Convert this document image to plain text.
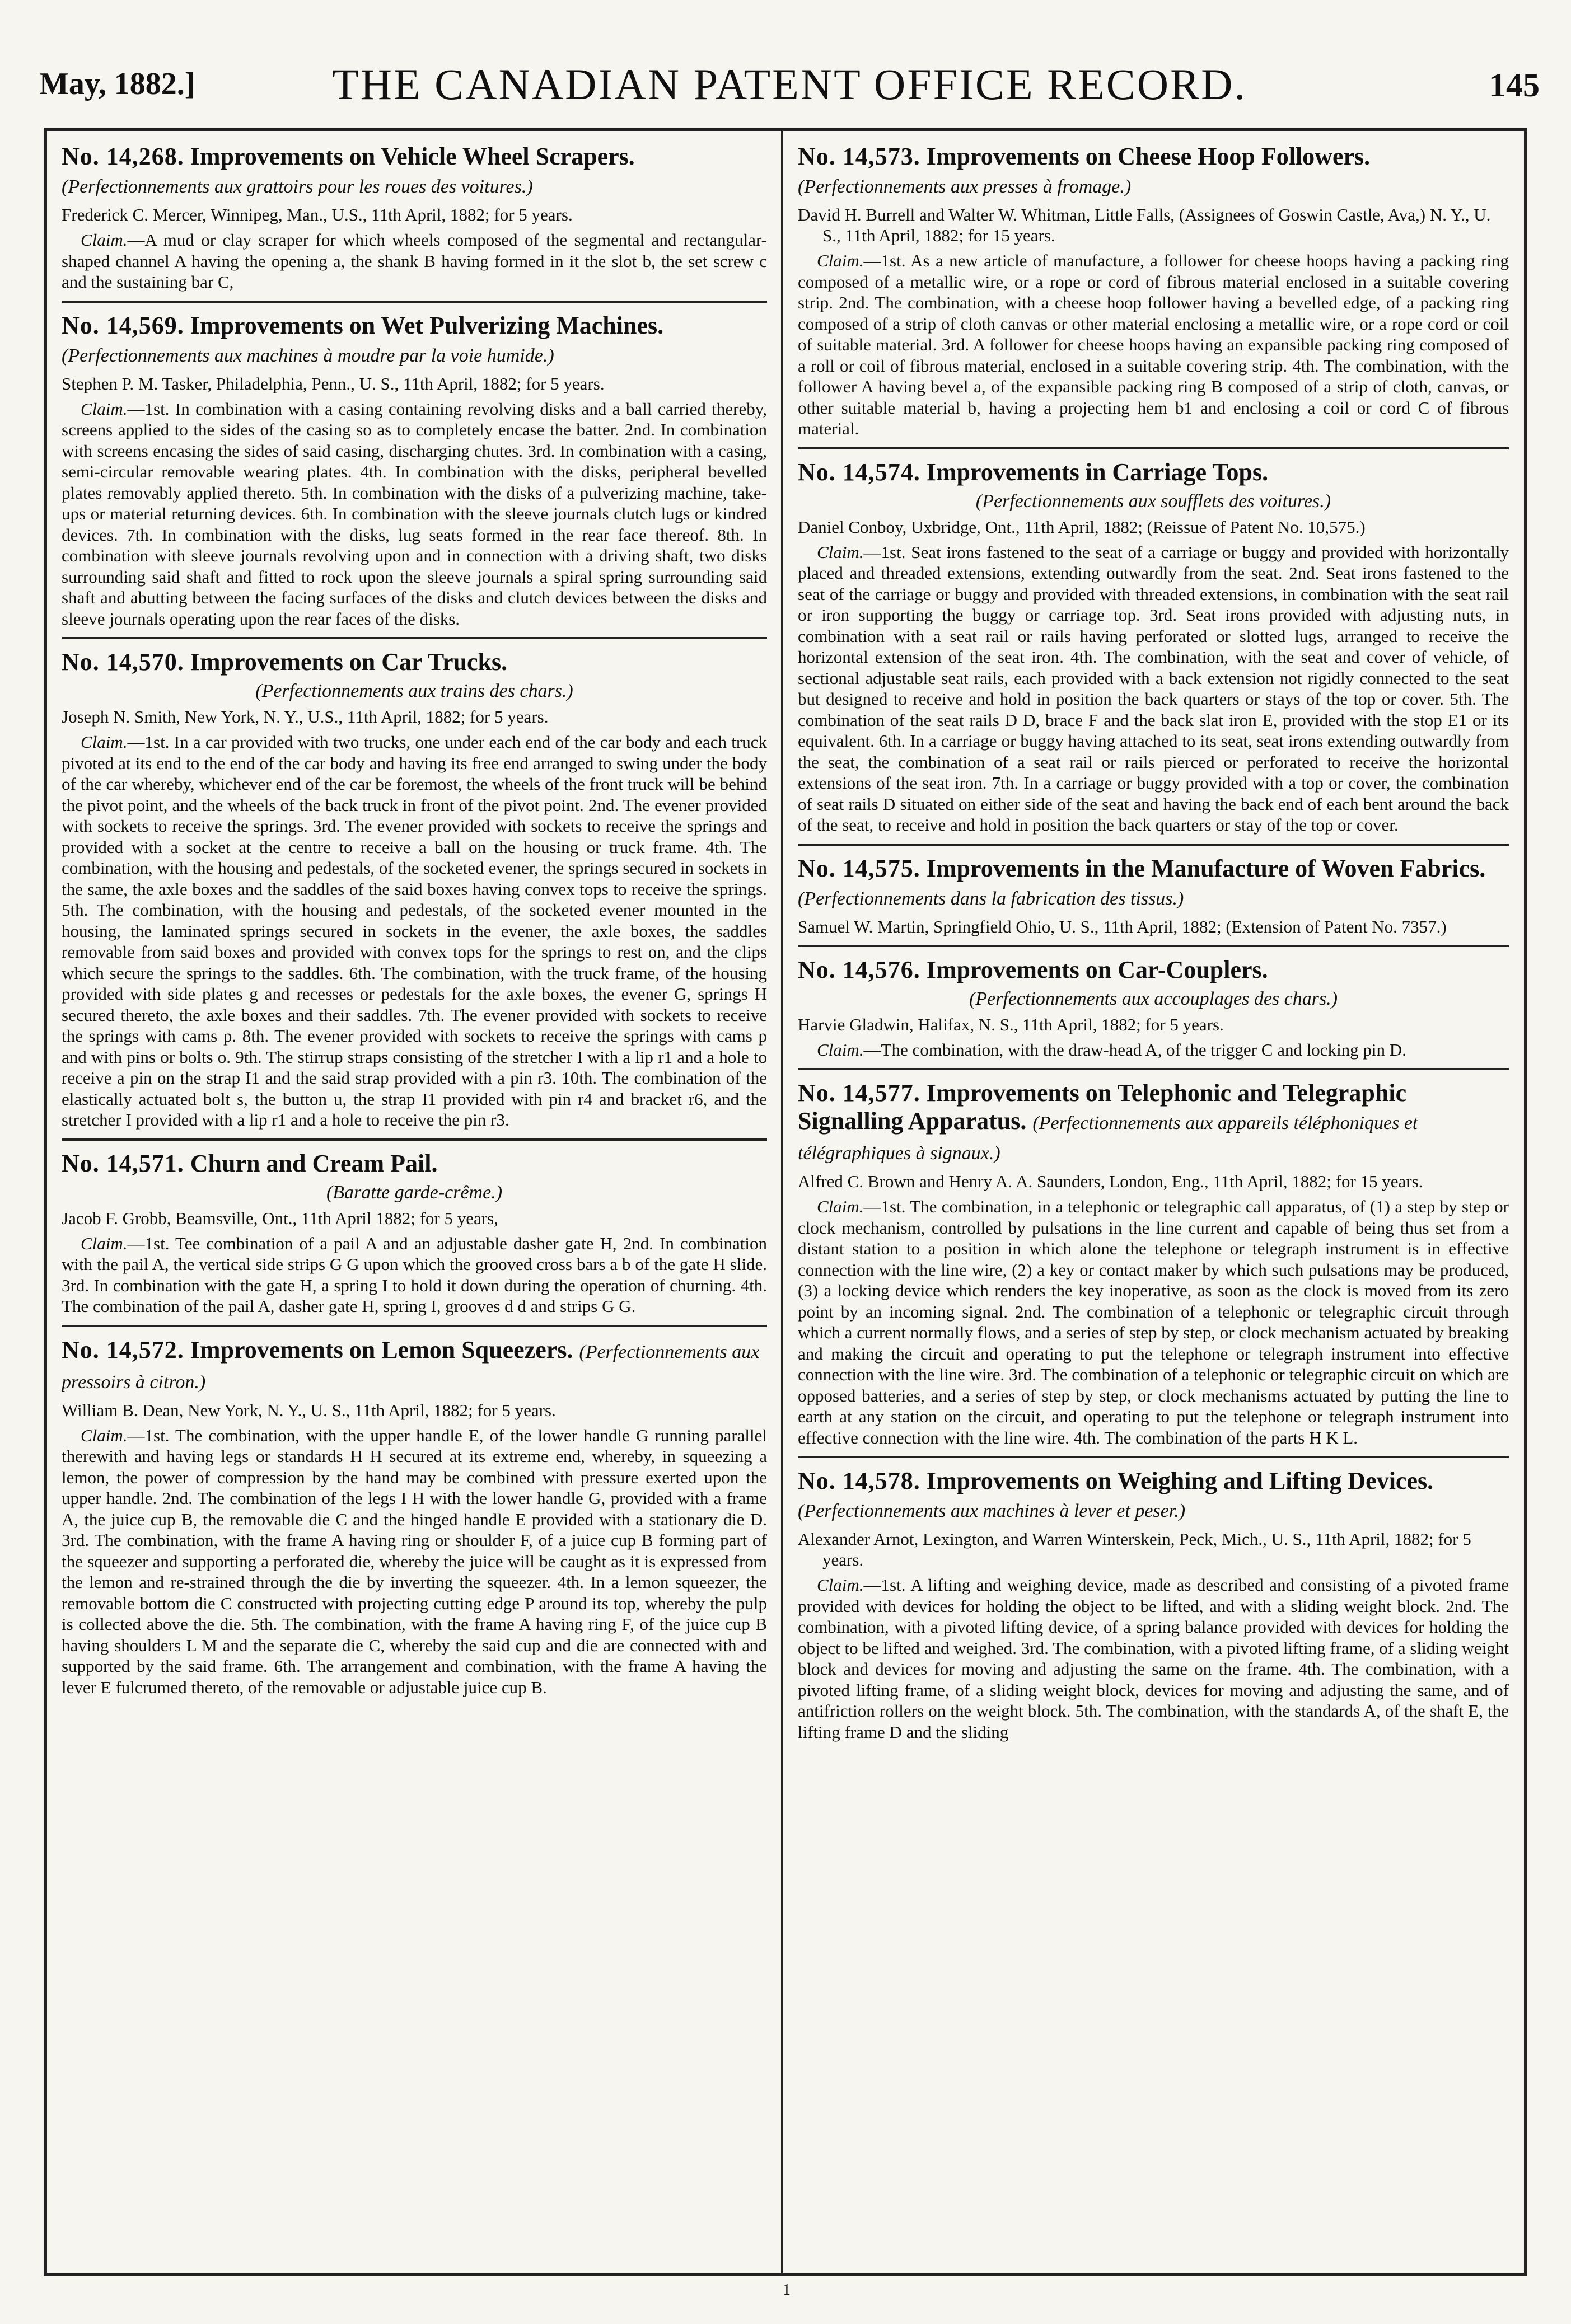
May, 1882.]	THE CANADIAN PATENT OFFICE RECORD.	145

No. 14,268. Improvements on Vehicle Wheel Scrapers. (Perfectionnements aux grattoirs pour les roues des voitures.)

Frederick C. Mercer, Winnipeg, Man., U.S., 11th April, 1882; for 5 years.

Claim.—A mud or clay scraper for which wheels composed of the segmental and rectangular-shaped channel A having the opening a, the shank B having formed in it the slot b, the set screw c and the sustaining bar C,

No. 14,569. Improvements on Wet Pulverizing Machines. (Perfectionnements aux machines à moudre par la voie humide.)

Stephen P. M. Tasker, Philadelphia, Penn., U. S., 11th April, 1882; for 5 years.

Claim.—1st. In combination with a casing containing revolving disks and a ball carried thereby, screens applied to the sides of the casing so as to completely encase the batter. 2nd. In combination with screens encasing the sides of said casing, discharging chutes. 3rd. In combination with a casing, semi-circular removable wearing plates. 4th. In combination with the disks, peripheral bevelled plates removably applied thereto. 5th. In combination with the disks of a pulverizing machine, take-ups or material returning devices. 6th. In combination with the sleeve journals clutch lugs or kindred devices. 7th. In combination with the disks, lug seats formed in the rear face thereof. 8th. In combination with sleeve journals revolving upon and in connection with a driving shaft, two disks surrounding said shaft and fitted to rock upon the sleeve journals a spiral spring surrounding said shaft and abutting between the facing surfaces of the disks and clutch devices between the disks and sleeve journals operating upon the rear faces of the disks.

No. 14,570. Improvements on Car Trucks.

(Perfectionnements aux trains des chars.)

Joseph N. Smith, New York, N. Y., U.S., 11th April, 1882; for 5 years.

Claim.—1st. In a car provided with two trucks, one under each end of the car body and each truck pivoted at its end to the end of the car body and having its free end arranged to swing under the body of the car whereby, whichever end of the car be foremost, the wheels of the front truck will be behind the pivot point, and the wheels of the back truck in front of the pivot point. 2nd. The evener provided with sockets to receive the springs. 3rd. The evener provided with sockets to receive the springs and provided with a socket at the centre to receive a ball on the housing or truck frame. 4th. The combination, with the housing and pedestals, of the socketed evener, the springs secured in sockets in the same, the axle boxes and the saddles of the said boxes having convex tops to receive the springs. 5th. The combination, with the housing and pedestals, of the socketed evener mounted in the housing, the laminated springs secured in sockets in the evener, the axle boxes, the saddles removable from said boxes and provided with convex tops for the springs to rest on, and the clips which secure the springs to the saddles. 6th. The combination, with the truck frame, of the housing provided with side plates g and recesses or pedestals for the axle boxes, the evener G, springs H secured thereto, the axle boxes and their saddles. 7th. The evener provided with sockets to receive the springs with cams p. 8th. The evener provided with sockets to receive the springs with cams p and with pins or bolts o. 9th. The stirrup straps consisting of the stretcher I with a lip r1 and a hole to receive a pin on the strap I1 and the said strap provided with a pin r3. 10th. The combination of the elastically actuated bolt s, the button u, the strap I1 provided with pin r4 and bracket r6, and the stretcher I provided with a lip r1 and a hole to receive the pin r3.

No. 14,571. Churn and Cream Pail.

(Baratte garde-crême.)

Jacob F. Grobb, Beamsville, Ont., 11th April 1882; for 5 years,

Claim.—1st. Tee combination of a pail A and an adjustable dasher gate H, 2nd. In combination with the pail A, the vertical side strips G G upon which the grooved cross bars a b of the gate H slide. 3rd. In combination with the gate H, a spring I to hold it down during the operation of churning. 4th. The combination of the pail A, dasher gate H, spring I, grooves d d and strips G G.

No. 14,572. Improvements on Lemon Squeezers. (Perfectionnements aux pressoirs à citron.)

William B. Dean, New York, N. Y., U. S., 11th April, 1882; for 5 years.

Claim.—1st. The combination, with the upper handle E, of the lower handle G running parallel therewith and having legs or standards H H secured at its extreme end, whereby, in squeezing a lemon, the power of compression by the hand may be combined with pressure exerted upon the upper handle. 2nd. The combination of the legs I H with the lower handle G, provided with a frame A, the juice cup B, the removable die C and the hinged handle E provided with a stationary die D. 3rd. The combination, with the frame A having ring or shoulder F, of a juice cup B forming part of the squeezer and supporting a perforated die, whereby the juice will be caught as it is expressed from the lemon and re-strained through the die by inverting the squeezer. 4th. In a lemon squeezer, the removable bottom die C constructed with projecting cutting edge P around its top, whereby the pulp is collected above the die. 5th. The combination, with the frame A having ring F, of the juice cup B having shoulders L M and the separate die C, whereby the said cup and die are connected with and supported by the said frame. 6th. The arrangement and combination, with the frame A having the lever E fulcrumed thereto, of the removable or adjustable juice cup B.

No. 14,573. Improvements on Cheese Hoop Followers. (Perfectionnements aux presses à fromage.)

David H. Burrell and Walter W. Whitman, Little Falls, (Assignees of Goswin Castle, Ava,) N. Y., U. S., 11th April, 1882; for 15 years.

Claim.—1st. As a new article of manufacture, a follower for cheese hoops having a packing ring composed of a metallic wire, or a rope or cord of fibrous material enclosed in a suitable covering strip. 2nd. The combination, with a cheese hoop follower having a bevelled edge, of a packing ring composed of a strip of cloth canvas or other material enclosing a metallic wire, or a rope cord or coil of suitable material. 3rd. A follower for cheese hoops having an expansible packing ring composed of a roll or coil of fibrous material, enclosed in a suitable covering strip. 4th. The combination, with the follower A having bevel a, of the expansible packing ring B composed of a strip of cloth, canvas, or other suitable material b, having a projecting hem b1 and enclosing a coil or cord C of fibrous material.

No. 14,574. Improvements in Carriage Tops.

(Perfectionnements aux soufflets des voitures.)

Daniel Conboy, Uxbridge, Ont., 11th April, 1882; (Reissue of Patent No. 10,575.)

Claim.—1st. Seat irons fastened to the seat of a carriage or buggy and provided with horizontally placed and threaded extensions, extending outwardly from the seat. 2nd. Seat irons fastened to the seat of the carriage or buggy and provided with threaded extensions, in combination with the seat rail or iron supporting the buggy or carriage top. 3rd. Seat irons provided with adjusting nuts, in combination with a seat rail or rails having perforated or slotted lugs, arranged to receive the horizontal extension of the seat iron. 4th. The combination, with the seat and cover of vehicle, of sectional adjustable seat rails, each provided with a back extension not rigidly connected to the seat but designed to receive and hold in position the back quarters or stays of the top or cover. 5th. The combination of the seat rails D D, brace F and the back slat iron E, provided with the stop E1 or its equivalent. 6th. In a carriage or buggy having attached to its seat, seat irons extending outwardly from the seat, the combination of a seat rail or rails pierced or perforated to receive the horizontal extensions of the seat iron. 7th. In a carriage or buggy provided with a top or cover, the combination of seat rails D situated on either side of the seat and having the back end of each bent around the back of the seat, to receive and hold in position the back quarters or stay of the top or cover.

No. 14,575. Improvements in the Manufacture of Woven Fabrics. (Perfectionnements dans la fabrication des tissus.)

Samuel W. Martin, Springfield Ohio, U. S., 11th April, 1882; (Extension of Patent No. 7357.)

No. 14,576. Improvements on Car-Couplers.

(Perfectionnements aux accouplages des chars.)

Harvie Gladwin, Halifax, N. S., 11th April, 1882; for 5 years.

Claim.—The combination, with the draw-head A, of the trigger C and locking pin D.

No. 14,577. Improvements on Telephonic and Telegraphic Signalling Apparatus. (Perfectionnements aux appareils téléphoniques et télégraphiques à signaux.)

Alfred C. Brown and Henry A. A. Saunders, London, Eng., 11th April, 1882; for 15 years.

Claim.—1st. The combination, in a telephonic or telegraphic call apparatus, of (1) a step by step or clock mechanism, controlled by pulsations in the line current and capable of being thus set from a distant station to a position in which alone the telephone or telegraph instrument is in effective connection with the line wire, (2) a key or contact maker by which such pulsations may be produced, (3) a locking device which renders the key inoperative, as soon as the clock is moved from its zero point by an incoming signal. 2nd. The combination of a telephonic or telegraphic circuit through which a current normally flows, and a series of step by step, or clock mechanism actuated by breaking and making the circuit and operating to put the telephone or telegraph instrument into effective connection with the line wire. 3rd. The combination of a telephonic or telegraphic circuit on which are opposed batteries, and a series of step by step, or clock mechanisms actuated by putting the line to earth at any station on the circuit, and operating to put the telephone or telegraph instrument into effective connection with the line wire. 4th. The combination of the parts H K L.

No. 14,578. Improvements on Weighing and Lifting Devices. (Perfectionnements aux machines à lever et peser.)

Alexander Arnot, Lexington, and Warren Winterskein, Peck, Mich., U. S., 11th April, 1882; for 5 years.

Claim.—1st. A lifting and weighing device, made as described and consisting of a pivoted frame provided with devices for holding the object to be lifted, and with a sliding weight block. 2nd. The combination, with a pivoted lifting device, of a spring balance provided with devices for holding the object to be lifted and weighed. 3rd. The combination, with a pivoted lifting frame, of a sliding weight block and devices for moving and adjusting the same on the frame. 4th. The combination, with a pivoted lifting frame, of a sliding weight block, devices for moving and adjusting the same, and of antifriction rollers on the weight block. 5th. The combination, with the standards A, of the shaft E, the lifting frame D and the sliding

1
